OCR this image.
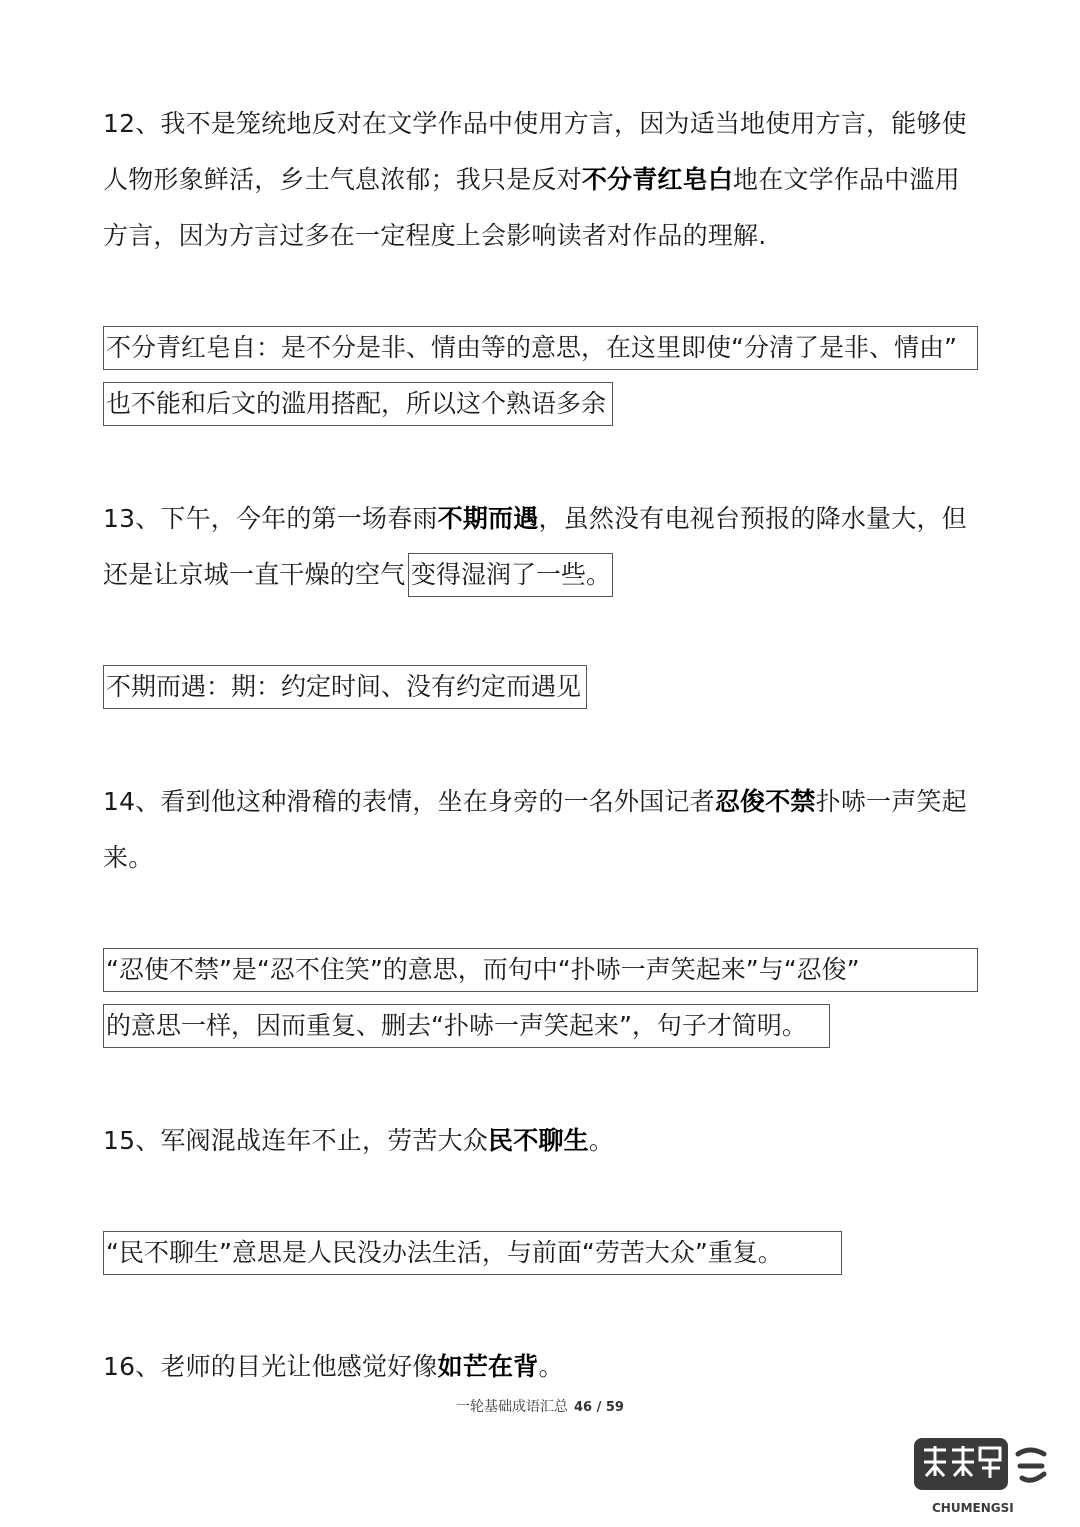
12、我不是笼统地反对在文学作品中使用方言，因为适当地使用方言，能够使
人物形象鲜活，乡土气息浓郁；我只是反对不分青红皂白地在文学作品中滥用
方言，因为方言过多在一定程度上会影响读者对作品的理解.
不分青红皂自：是不分是非、情由等的意思，在这里即使“分清了是非、情由”
也不能和后文的滥用搭配，所以这个熟语多余
13、下午，今年的第一场春雨不期而遇，虽然没有电视台预报的降水量大，但
还是让京城一直干燥的空气 变得湿润了一些。
不期而遇：期：约定时间、没有约定而遇见
14、看到他这种滑稽的表情，坐在身旁的一名外国记者忍俊不禁扑哧一声笑起
来。
“忍使不禁”是“忍不住笑”的意思，而句中“扑哧一声笑起来”与“忍俊”
的意思一样，因而重复、删去“扑哧一声笑起来”，句子才简明。
15、军阀混战连年不止，劳苦大众民不聊生。
“民不聊生”意思是人民没办法生活，与前面“劳苦大众”重复。
16、老师的目光让他感觉好像如芒在背。
一轮基础成语汇总 46 / 59
CHUMENGSI
